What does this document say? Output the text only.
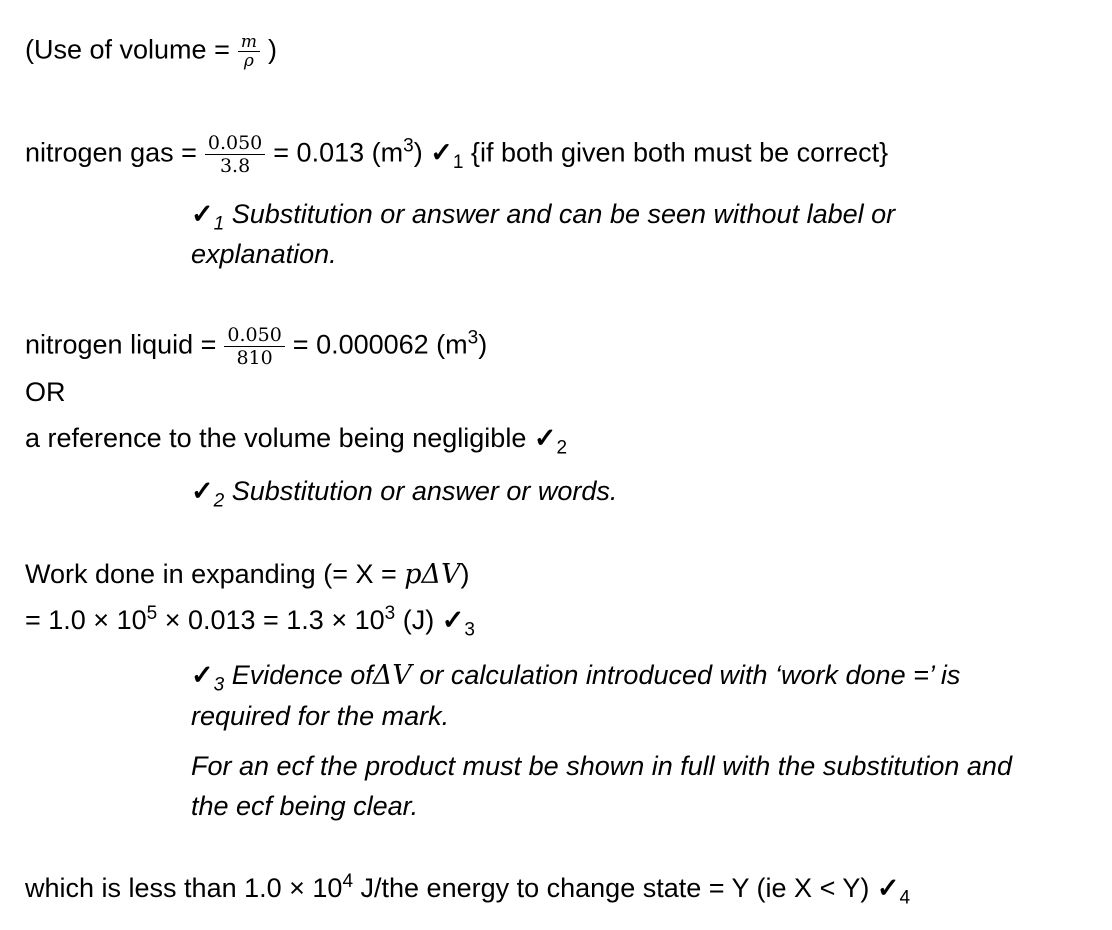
(Use of volume = $\frac{m}{\rho}$ )
nitrogen gas = $\frac{0.050}{3.8} = 0.013$ $(m^3)$ $✓_1$ {if both given both must be correct}
$✓_1$ Substitution or answer and can be seen without label or
explanation.
nitrogen liquid = $\frac{0.050}{810} = 0.000062$ $(m^3)$
OR
a reference to the volume being negligible $✓_2$
$✓_2$ Substitution or answer or words.
Work done in expanding (= X = pΔV)
= $1.0 \times 10^5 \times 0.013 = 1.3 \times 10^3$ (J) $✓_3$
$✓_3$ Evidence ofΔV or calculation introduced with ‘work done =’ is
required for the mark.
For an ecf the product must be shown in full with the substitution and
the ecf being clear.
which is less than $1.0 \times 10^4$ J/the energy to change state = Y (ie X < Y) $✓_4$
